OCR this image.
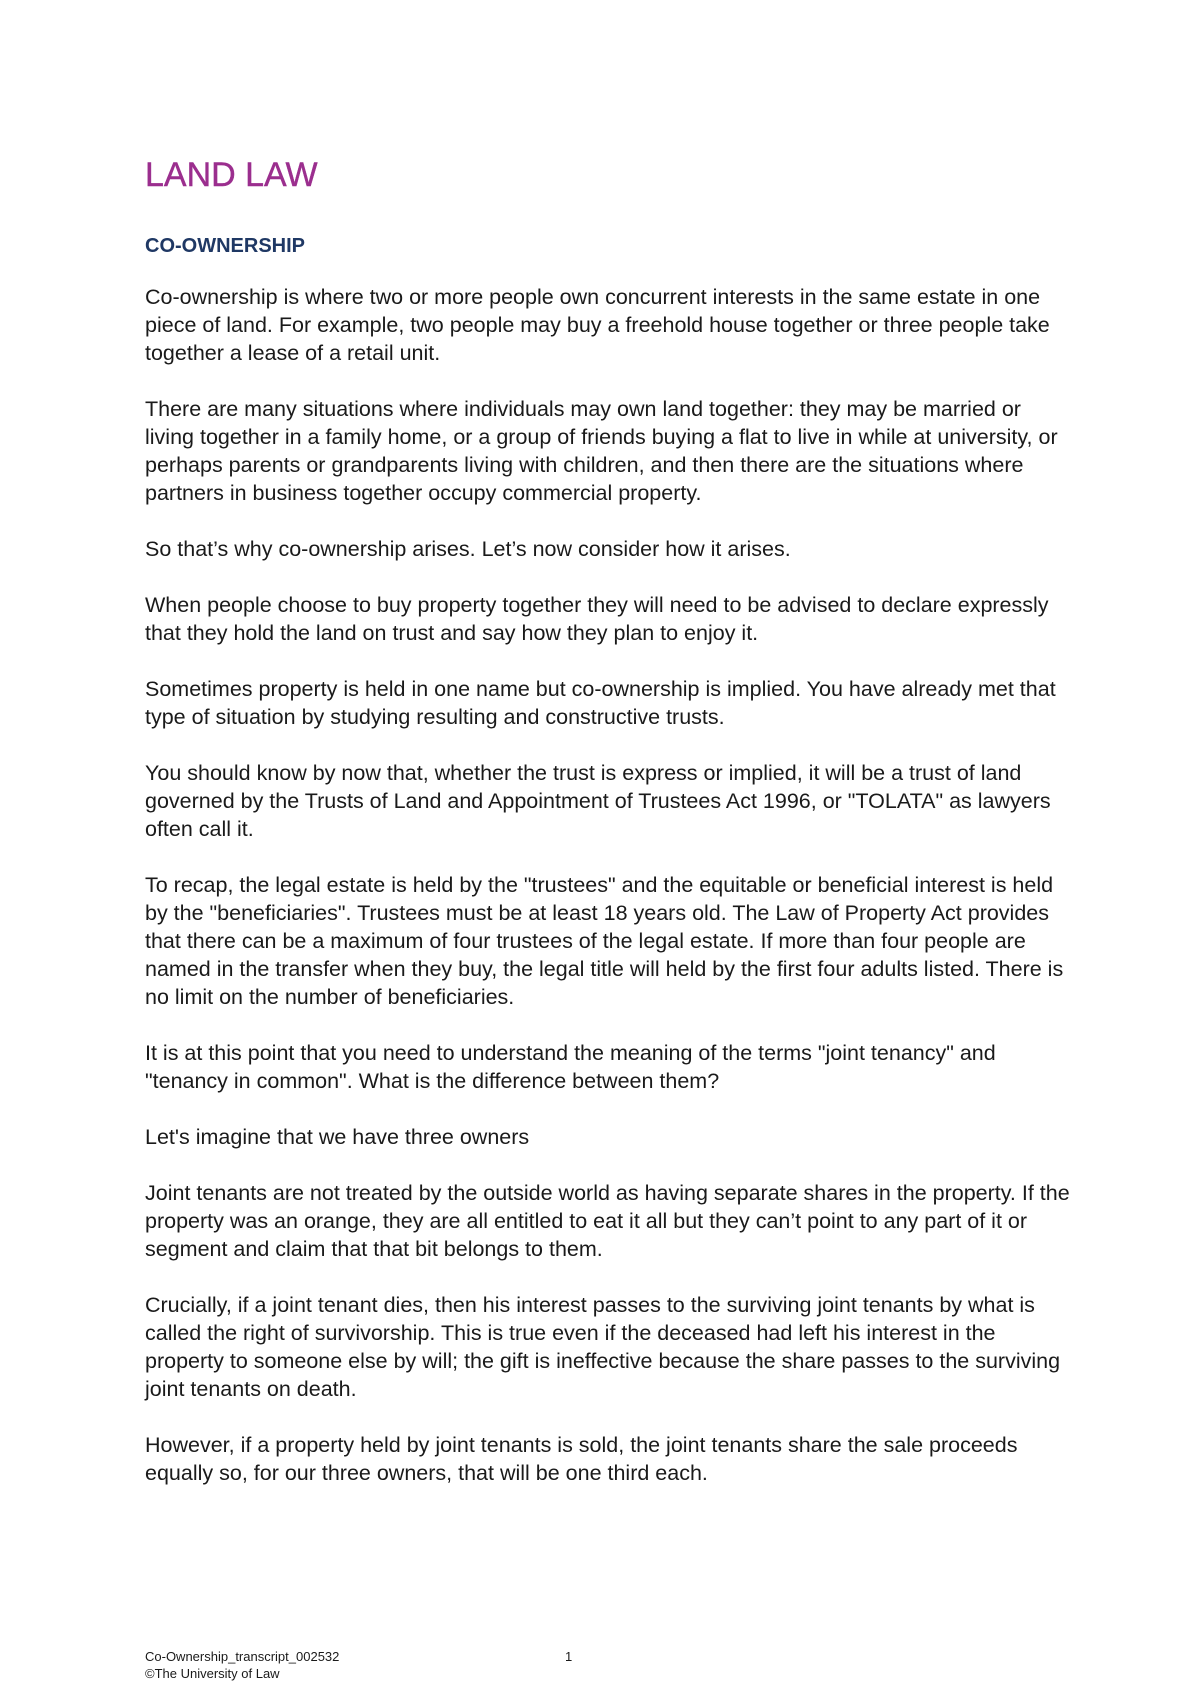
LAND LAW
CO-OWNERSHIP

Co-ownership is where two or more people own concurrent interests in the same estate in one piece of land. For example, two people may buy a freehold house together or three people take together a lease of a retail unit.

There are many situations where individuals may own land together: they may be married or living together in a family home, or a group of friends buying a flat to live in while at university, or perhaps parents or grandparents living with children, and then there are the situations where partners in business together occupy commercial property.

So that’s why co-ownership arises. Let’s now consider how it arises.

When people choose to buy property together they will need to be advised to declare expressly that they hold the land on trust and say how they plan to enjoy it.

Sometimes property is held in one name but co-ownership is implied. You have already met that type of situation by studying resulting and constructive trusts.

You should know by now that, whether the trust is express or implied, it will be a trust of land governed by the Trusts of Land and Appointment of Trustees Act 1996, or "TOLATA" as lawyers often call it.

To recap, the legal estate is held by the "trustees" and the equitable or beneficial interest is held by the "beneficiaries". Trustees must be at least 18 years old. The Law of Property Act provides that there can be a maximum of four trustees of the legal estate. If more than four people are named in the transfer when they buy, the legal title will held by the first four adults listed. There is no limit on the number of beneficiaries.

It is at this point that you need to understand the meaning of the terms "joint tenancy" and "tenancy in common". What is the difference between them?

Let's imagine that we have three owners

Joint tenants are not treated by the outside world as having separate shares in the property. If the property was an orange, they are all entitled to eat it all but they can’t point to any part of it or segment and claim that that bit belongs to them.

Crucially, if a joint tenant dies, then his interest passes to the surviving joint tenants by what is called the right of survivorship. This is true even if the deceased had left his interest in the property to someone else by will; the gift is ineffective because the share passes to the surviving joint tenants on death.

However, if a property held by joint tenants is sold, the joint tenants share the sale proceeds equally so, for our three owners, that will be one third each.

Co-Ownership_transcript_002532	1
©The University of Law
